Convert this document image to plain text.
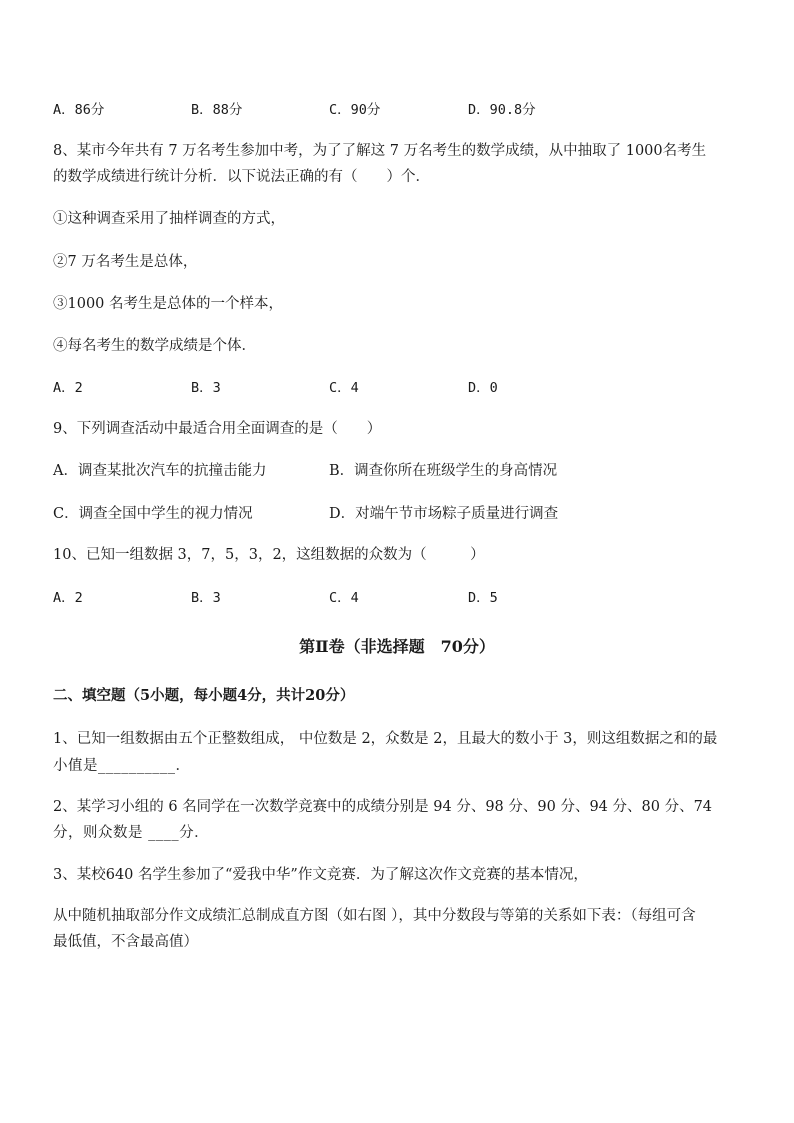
A．86分	B．88分	C．90分	D．90.8分
8、某市今年共有 7 万名考生参加中考，为了了解这 7 万名考生的数学成绩，从中抽取了 1000名考生
的数学成绩进行统计分析．以下说法正确的有（　　）个．
①这种调查采用了抽样调查的方式，
②7 万名考生是总体，
③1000 名考生是总体的一个样本，
④每名考生的数学成绩是个体．
A．2	B．3	C．4	D．0
9、下列调查活动中最适合用全面调查的是（　　）
A．调查某批次汽车的抗撞击能力	B．调查你所在班级学生的身高情况
C．调查全国中学生的视力情况	D．对端午节市场粽子质量进行调查
10、已知一组数据 3，7，5，3，2，这组数据的众数为（　　　）
A．2	B．3	C．4	D．5
第Ⅱ卷（非选择题　70分）
二、填空题（5小题，每小题4分，共计20分）
1、已知一组数据由五个正整数组成， 中位数是 2，众数是 2，且最大的数小于 3，则这组数据之和的最
小值是__________．
2、某学习小组的 6 名同学在一次数学竞赛中的成绩分别是 94 分、98 分、90 分、94 分、80 分、74
分，则众数是 ____分．
3、某校640 名学生参加了“爱我中华”作文竞赛．为了解这次作文竞赛的基本情况，
从中随机抽取部分作文成绩汇总制成直方图（如右图 ），其中分数段与等第的关系如下表：（每组可含
最低值，不含最高值）
